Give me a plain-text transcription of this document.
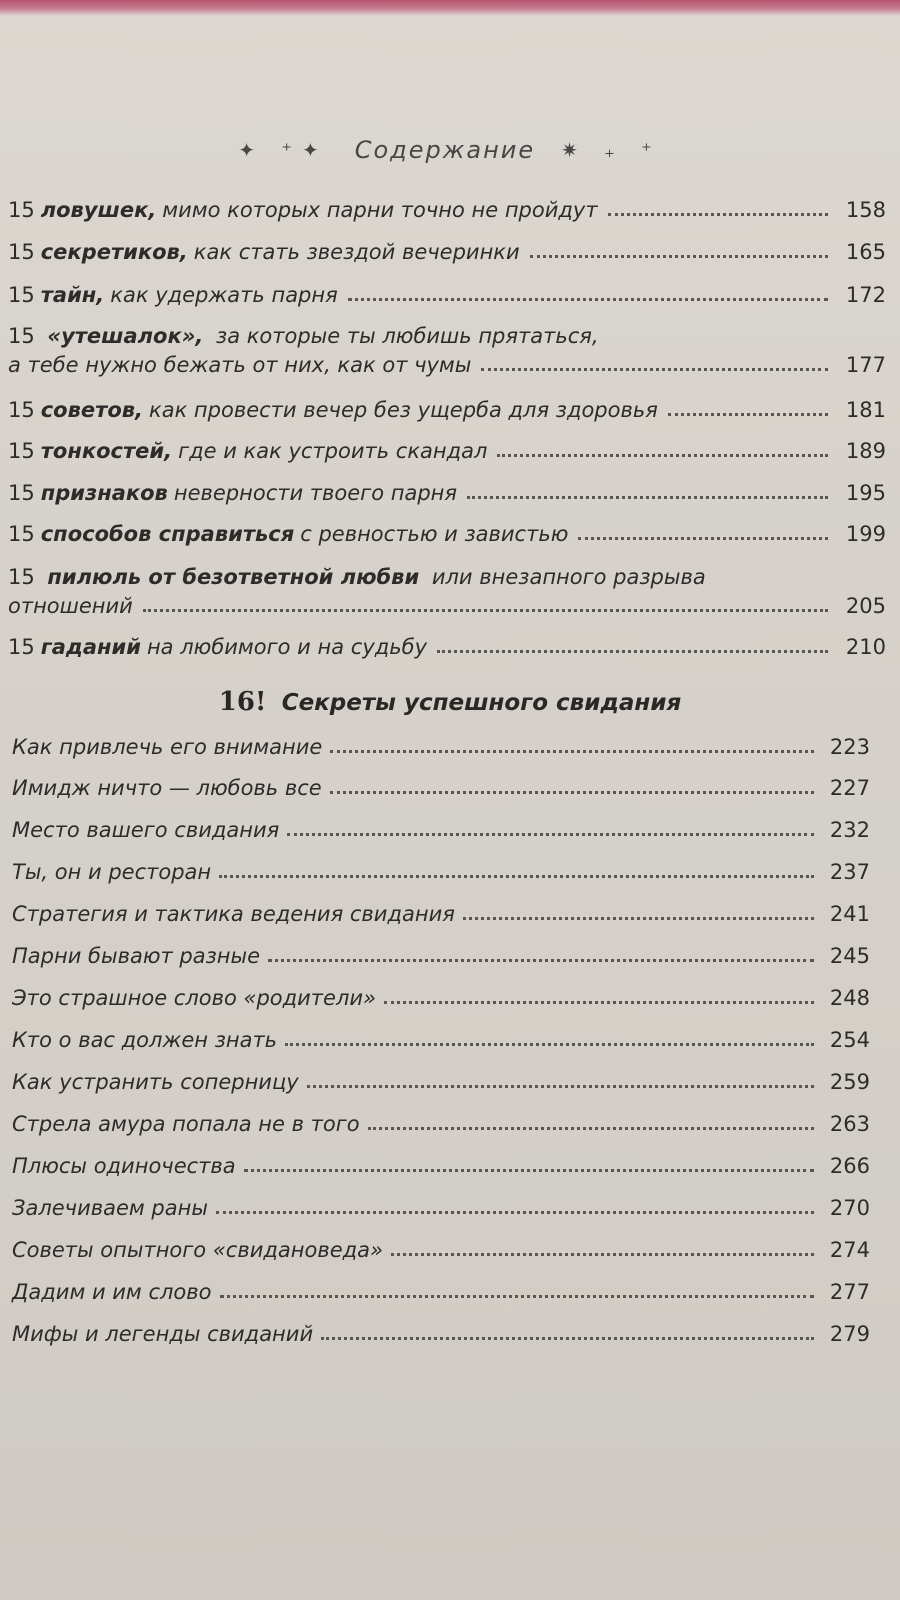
✦ ⁺✦ Содержание ✷ ₊ ⁺
15 ловушек, мимо которых парни точно не пройдут	158
15 секретиков, как стать звездой вечеринки	165
15 тайн, как удержать парня	172
15 «утешалок», за которые ты любишь прятаться,
а тебе нужно бежать от них, как от чумы	177
15 советов, как провести вечер без ущерба для здоровья	181
15 тонкостей, где и как устроить скандал	189
15 признаков неверности твоего парня	195
15 способов справиться с ревностью и завистью	199
15 пилюль от безответной любви или внезапного разрыва
отношений	205
15 гаданий на любимого и на судьбу	210
16! Секреты успешного свидания
Как привлечь его внимание	223
Имидж ничто — любовь все	227
Место вашего свидания	232
Ты, он и ресторан	237
Стратегия и тактика ведения свидания	241
Парни бывают разные	245
Это страшное слово «родители»	248
Кто о вас должен знать	254
Как устранить соперницу	259
Стрела амура попала не в того	263
Плюсы одиночества	266
Залечиваем раны	270
Советы опытного «свидановеда»	274
Дадим и им слово	277
Мифы и легенды свиданий	279
